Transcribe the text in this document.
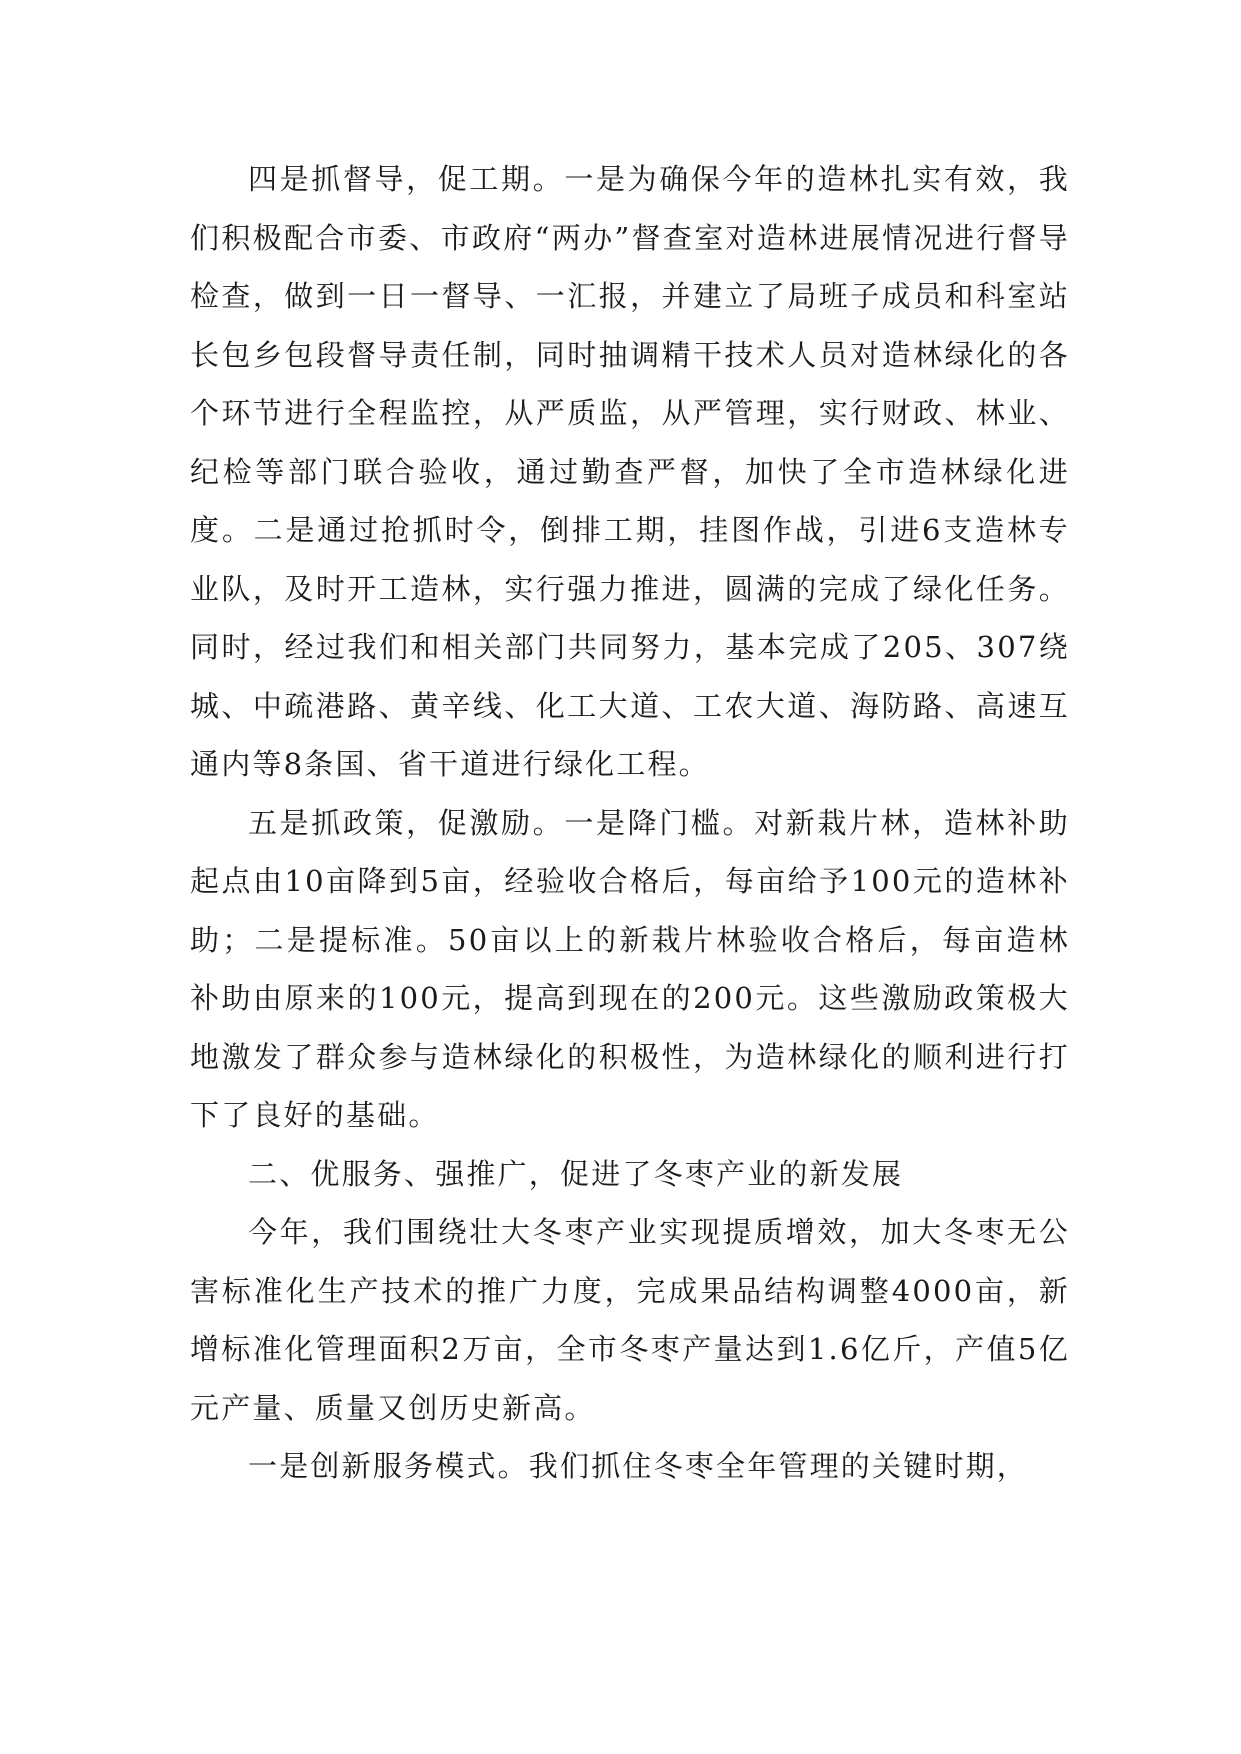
四是抓督导，促工期。一是为确保今年的造林扎实有效，我们积极配合市委、市政府“两办”督查室对造林进展情况进行督导检查，做到一日一督导、一汇报，并建立了局班子成员和科室站长包乡包段督导责任制，同时抽调精干技术人员对造林绿化的各个环节进行全程监控，从严质监，从严管理，实行财政、林业、纪检等部门联合验收，通过勤查严督，加快了全市造林绿化进度。二是通过抢抓时令，倒排工期，挂图作战，引进6支造林专业队，及时开工造林，实行强力推进，圆满的完成了绿化任务。同时，经过我们和相关部门共同努力，基本完成了205、307绕城、中疏港路、黄辛线、化工大道、工农大道、海防路、高速互通内等8条国、省干道进行绿化工程。

五是抓政策，促激励。一是降门槛。对新栽片林，造林补助起点由10亩降到5亩，经验收合格后，每亩给予100元的造林补助；二是提标准。50亩以上的新栽片林验收合格后，每亩造林补助由原来的100元，提高到现在的200元。这些激励政策极大地激发了群众参与造林绿化的积极性，为造林绿化的顺利进行打下了良好的基础。

二、优服务、强推广，促进了冬枣产业的新发展

今年，我们围绕壮大冬枣产业实现提质增效，加大冬枣无公害标准化生产技术的推广力度，完成果品结构调整4000亩，新增标准化管理面积2万亩，全市冬枣产量达到1.6亿斤，产值5亿元产量、质量又创历史新高。

一是创新服务模式。我们抓住冬枣全年管理的关键时期，
